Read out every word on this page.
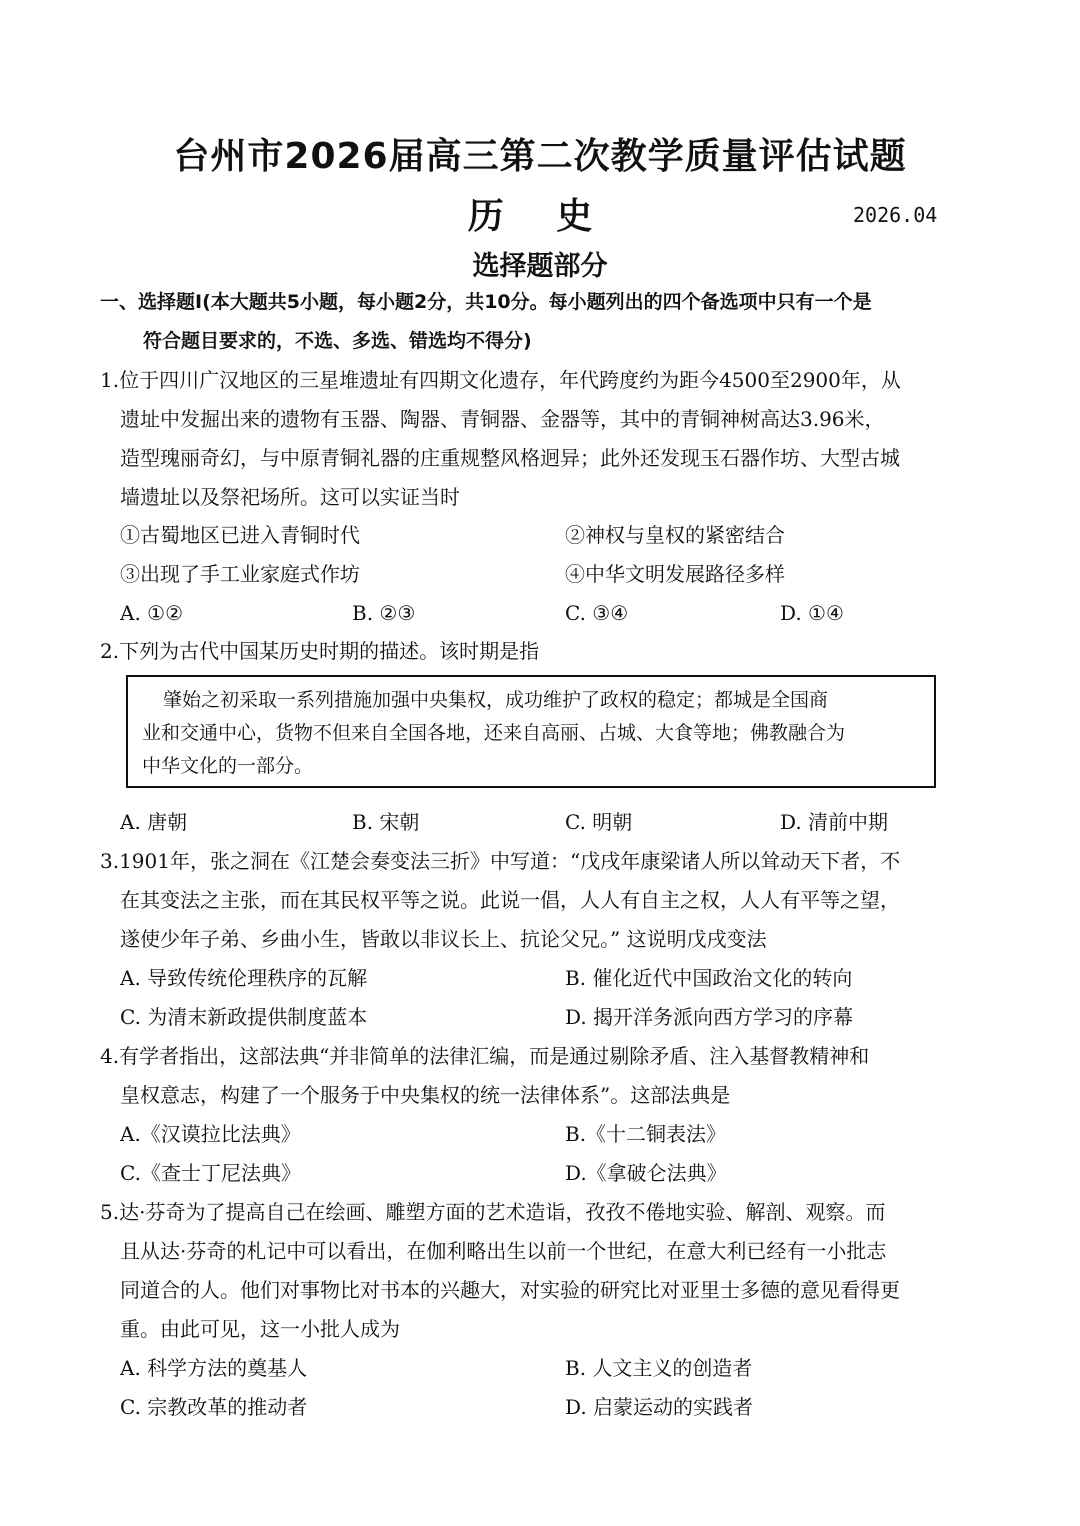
台州市2026届高三第二次教学质量评估试题
历 史	2026.04
选择题部分
一、选择题Ⅰ(本大题共5小题，每小题2分，共10分。每小题列出的四个备选项中只有一个是
符合题目要求的，不选、多选、错选均不得分)
1.位于四川广汉地区的三星堆遗址有四期文化遗存，年代跨度约为距今4500至2900年，从
遗址中发掘出来的遗物有玉器、陶器、青铜器、金器等，其中的青铜神树高达3.96米，
造型瑰丽奇幻，与中原青铜礼器的庄重规整风格迥异；此外还发现玉石器作坊、大型古城
墙遗址以及祭祀场所。这可以实证当时
①古蜀地区已进入青铜时代	②神权与皇权的紧密结合
③出现了手工业家庭式作坊	④中华文明发展路径多样
A. ①②	B. ②③	C. ③④	D. ①④
2.下列为古代中国某历史时期的描述。该时期是指
肇始之初采取一系列措施加强中央集权，成功维护了政权的稳定；都城是全国商
业和交通中心，货物不但来自全国各地，还来自高丽、占城、大食等地；佛教融合为
中华文化的一部分。
A. 唐朝	B. 宋朝	C. 明朝	D. 清前中期
3.1901年，张之洞在《江楚会奏变法三折》中写道：“戊戌年康梁诸人所以耸动天下者，不
在其变法之主张，而在其民权平等之说。此说一倡，人人有自主之权，人人有平等之望，
遂使少年子弟、乡曲小生，皆敢以非议长上、抗论父兄。” 这说明戊戌变法
A. 导致传统伦理秩序的瓦解	B. 催化近代中国政治文化的转向
C. 为清末新政提供制度蓝本	D. 揭开洋务派向西方学习的序幕
4.有学者指出，这部法典“并非简单的法律汇编，而是通过剔除矛盾、注入基督教精神和
皇权意志，构建了一个服务于中央集权的统一法律体系”。这部法典是
A.《汉谟拉比法典》	B.《十二铜表法》
C.《查士丁尼法典》	D.《拿破仑法典》
5.达·芬奇为了提高自己在绘画、雕塑方面的艺术造诣，孜孜不倦地实验、解剖、观察。而
且从达·芬奇的札记中可以看出，在伽利略出生以前一个世纪，在意大利已经有一小批志
同道合的人。他们对事物比对书本的兴趣大，对实验的研究比对亚里士多德的意见看得更
重。由此可见，这一小批人成为
A. 科学方法的奠基人	B. 人文主义的创造者
C. 宗教改革的推动者	D. 启蒙运动的实践者
